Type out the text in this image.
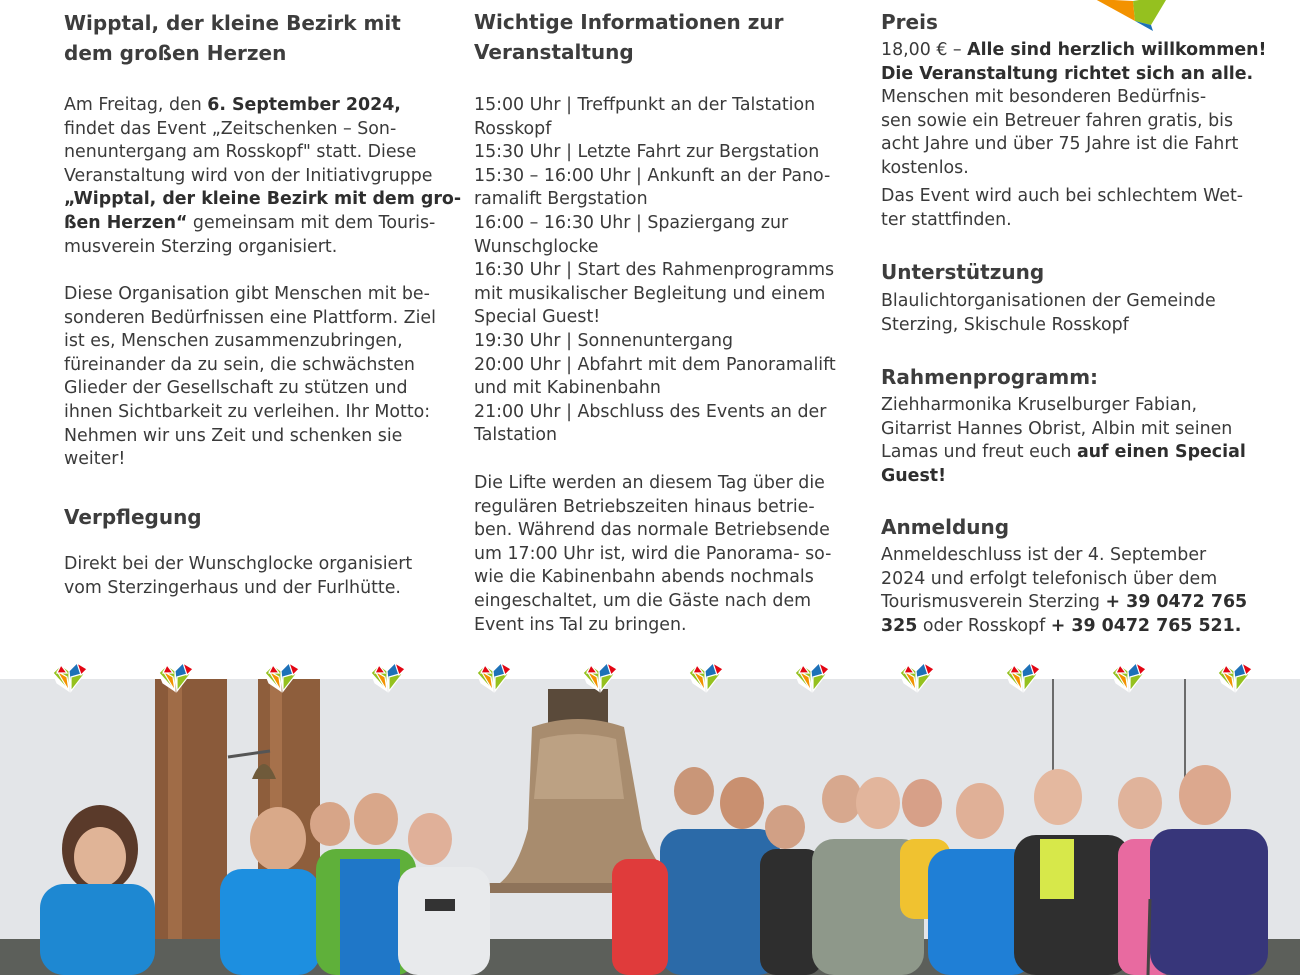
Wipptal, der kleine Bezirk mit
dem großen Herzen

Am Freitag, den 6. September 2024,
findet das Event „Zeitschenken – Son-
nenuntergang am Rosskopf" statt. Diese
Veranstaltung wird von der Initiativgruppe
„Wipptal, der kleine Bezirk mit dem gro-
ßen Herzen“ gemeinsam mit dem Touris-
musverein Sterzing organisiert.

Diese Organisation gibt Menschen mit be-
sonderen Bedürfnissen eine Plattform. Ziel
ist es, Menschen zusammenzubringen,
füreinander da zu sein, die schwächsten
Glieder der Gesellschaft zu stützen und
ihnen Sichtbarkeit zu verleihen. Ihr Motto:
Nehmen wir uns Zeit und schenken sie
weiter!

Verpflegung

Direkt bei der Wunschglocke organisiert
vom Sterzingerhaus und der Furlhütte.

Wichtige Informationen zur
Veranstaltung

15:00 Uhr | Treffpunkt an der Talstation
Rosskopf
15:30 Uhr | Letzte Fahrt zur Bergstation
15:30 – 16:00 Uhr | Ankunft an der Pano-
ramalift Bergstation
16:00 – 16:30 Uhr | Spaziergang zur
Wunschglocke
16:30 Uhr | Start des Rahmenprogramms
mit musikalischer Begleitung und einem
Special Guest!
19:30 Uhr | Sonnenuntergang
20:00 Uhr | Abfahrt mit dem Panoramalift
und mit Kabinenbahn
21:00 Uhr | Abschluss des Events an der
Talstation

Die Lifte werden an diesem Tag über die
regulären Betriebszeiten hinaus betrie-
ben. Während das normale Betriebsende
um 17:00 Uhr ist, wird die Panorama- so-
wie die Kabinenbahn abends nochmals
eingeschaltet, um die Gäste nach dem
Event ins Tal zu bringen.

Preis

18,00 € – Alle sind herzlich willkommen!
Die Veranstaltung richtet sich an alle.
Menschen mit besonderen Bedürfnis-
sen sowie ein Betreuer fahren gratis, bis
acht Jahre und über 75 Jahre ist die Fahrt
kostenlos.

Das Event wird auch bei schlechtem Wet-
ter stattfinden.

Unterstützung

Blaulichtorganisationen der Gemeinde
Sterzing, Skischule Rosskopf

Rahmenprogramm:

Ziehharmonika Kruselburger Fabian,
Gitarrist Hannes Obrist, Albin mit seinen
Lamas und freut euch auf einen Special
Guest!

Anmeldung

Anmeldeschluss ist der 4. September
2024 und erfolgt telefonisch über dem
Tourismusverein Sterzing + 39 0472 765
325 oder Rosskopf + 39 0472 765 521.
